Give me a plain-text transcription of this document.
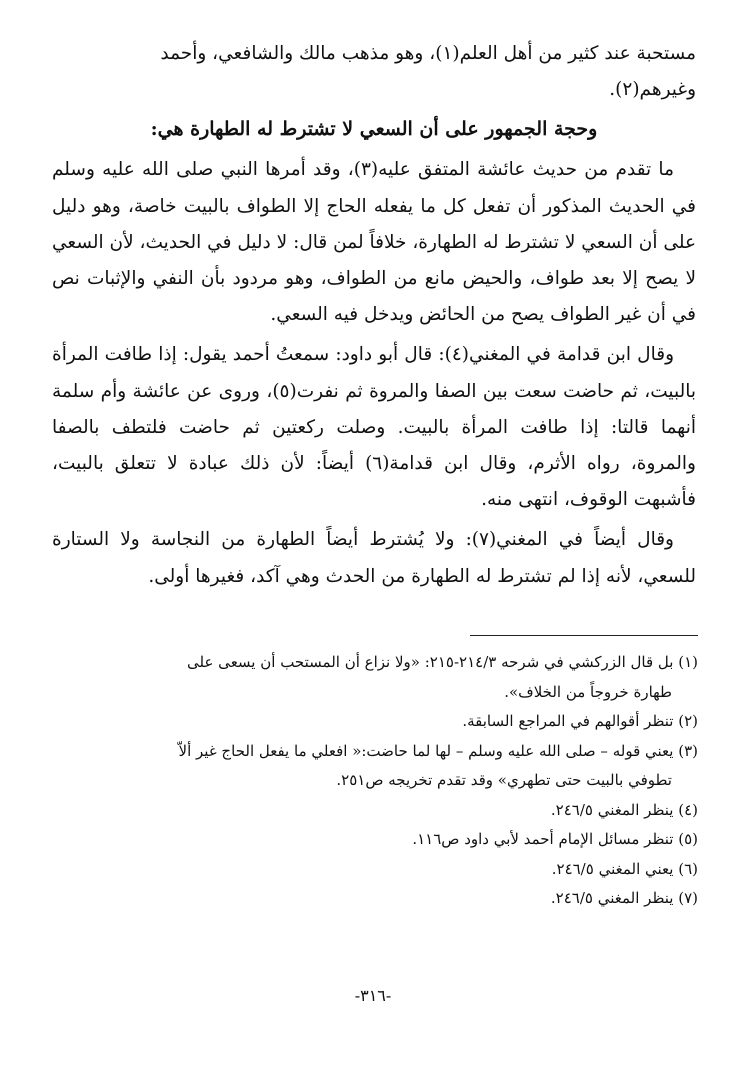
مستحبة عند كثير من أهل العلم(١)، وهو مذهب مالك والشافعي، وأحمد

وغيرهم(٢).

وحجة الجمهور على أن السعي لا تشترط له الطهارة هي:

ما تقدم من حديث عائشة المتفق عليه(٣)، وقد أمرها النبي صلى الله عليه وسلم في الحديث المذكور أن تفعل كل ما يفعله الحاج إلا الطواف بالبيت خاصة، وهو دليل على أن السعي لا تشترط له الطهارة، خلافاً لمن قال: لا دليل في الحديث، لأن السعي لا يصح إلا بعد طواف، والحيض مانع من الطواف، وهو مردود بأن النفي والإثبات نص في أن غير الطواف يصح من الحائض ويدخل فيه السعي.

وقال ابن قدامة في المغني(٤): قال أبو داود: سمعتُ أحمد يقول: إذا طافت المرأة بالبيت، ثم حاضت سعت بين الصفا والمروة ثم نفرت(٥)، وروى عن عائشة وأم سلمة أنهما قالتا: إذا طافت المرأة بالبيت. وصلت ركعتين ثم حاضت فلتطف بالصفا والمروة، رواه الأثرم، وقال ابن قدامة(٦) أيضاً: لأن ذلك عبادة لا تتعلق بالبيت، فأشبهت الوقوف، انتهى منه.

وقال أيضاً في المغني(٧): ولا يُشترط أيضاً الطهارة من النجاسة ولا الستارة للسعي، لأنه إذا لم تشترط له الطهارة من الحدث وهي آكد، فغيرها أولى.

(١) بل قال الزركشي في شرحه ٢١٤/٣-٢١٥: «ولا نزاع أن المستحب أن يسعى على

طهارة خروجاً من الخلاف».

(٢) تنظر أقوالهم في المراجع السابقة.

(٣) يعني قوله – صلى الله عليه وسلم – لها لما حاضت:« افعلي ما يفعل الحاج غير ألاّ

تطوفي بالبيت حتى تطهري» وقد تقدم تخريجه ص٢٥١.

(٤) ينظر المغني ٢٤٦/٥.

(٥) تنظر مسائل الإمام أحمد لأبي داود ص١١٦.

(٦) يعني المغني ٢٤٦/٥.

(٧) ينظر المغني ٢٤٦/٥.

-٣١٦-
